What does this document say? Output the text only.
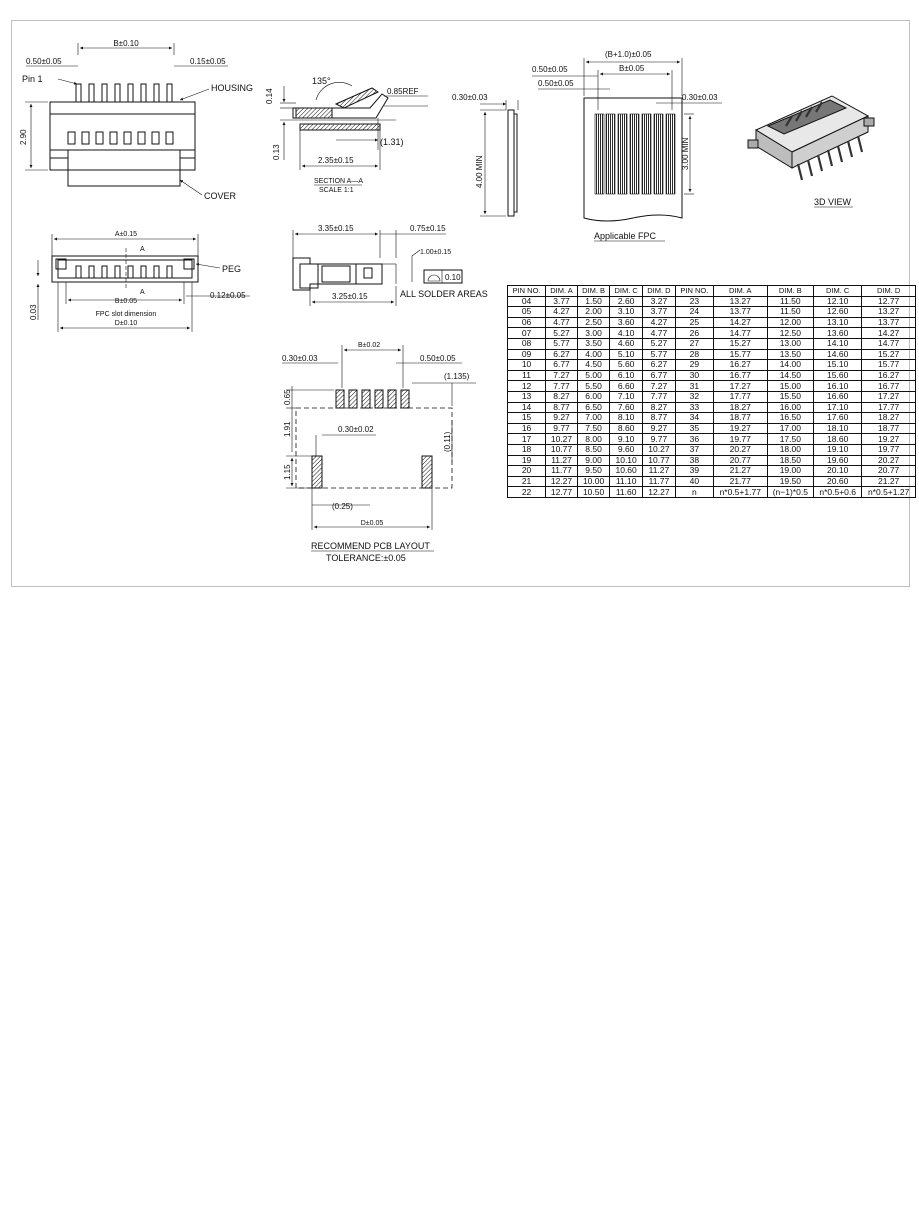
B±0.10
0.50±0.05	0.15±0.05
Pin 1
HOUSING
2.90
COVER
135°
0.14	0.85REF
0.13
(1.31)
2.35±0.15
SECTION A—A
SCALE 1:1
0.30±0.03
4.00 MIN
(B+1.0)±0.05
B±0.05
0.50±0.05
0.50±0.05
0.30±0.03
3.00 MIN
Applicable FPC
3D VIEW
A±0.15
A
A
PEG
0.03
B±0.05
0.12±0.05
FPC slot dimension
D±0.10
3.35±0.15	0.75±0.15
1.00±0.15
0.10
ALL SOLDER AREAS
3.25±0.15
B±0.02
0.30±0.03	0.50±0.05
(1.135)
0.65
1.91
1.15
0.30±0.02
(0.11)
(0.25)
D±0.05
RECOMMEND PCB LAYOUT
TOLERANCE:±0.05
PIN NO.	DIM. A	DIM. B	DIM. C	DIM. D	PIN NO.	DIM. A	DIM. B	DIM. C	DIM. D
04	3.77	1.50	2.60	3.27	23	13.27	11.50	12.10	12.77
05	4.27	2.00	3.10	3.77	24	13.77	11.50	12.60	13.27
06	4.77	2.50	3.60	4.27	25	14.27	12.00	13.10	13.77
07	5.27	3.00	4.10	4.77	26	14.77	12.50	13.60	14.27
08	5.77	3.50	4.60	5.27	27	15.27	13.00	14.10	14.77
09	6.27	4.00	5.10	5.77	28	15.77	13.50	14.60	15.27
10	6.77	4.50	5.60	6.27	29	16.27	14.00	15.10	15.77
11	7.27	5.00	6.10	6.77	30	16.77	14.50	15.60	16.27
12	7.77	5.50	6.60	7.27	31	17.27	15.00	16.10	16.77
13	8.27	6.00	7.10	7.77	32	17.77	15.50	16.60	17.27
14	8.77	6.50	7.60	8.27	33	18.27	16.00	17.10	17.77
15	9.27	7.00	8.10	8.77	34	18.77	16.50	17.60	18.27
16	9.77	7.50	8.60	9.27	35	19.27	17.00	18.10	18.77
17	10.27	8.00	9.10	9.77	36	19.77	17.50	18.60	19.27
18	10.77	8.50	9.60	10.27	37	20.27	18.00	19.10	19.77
19	11.27	9.00	10.10	10.77	38	20.77	18.50	19.60	20.27
20	11.77	9.50	10.60	11.27	39	21.27	19.00	20.10	20.77
21	12.27	10.00	11.10	11.77	40	21.77	19.50	20.60	21.27
22	12.77	10.50	11.60	12.27	n	n*0.5+1.77	(n−1)*0.5	n*0.5+0.6	n*0.5+1.27
